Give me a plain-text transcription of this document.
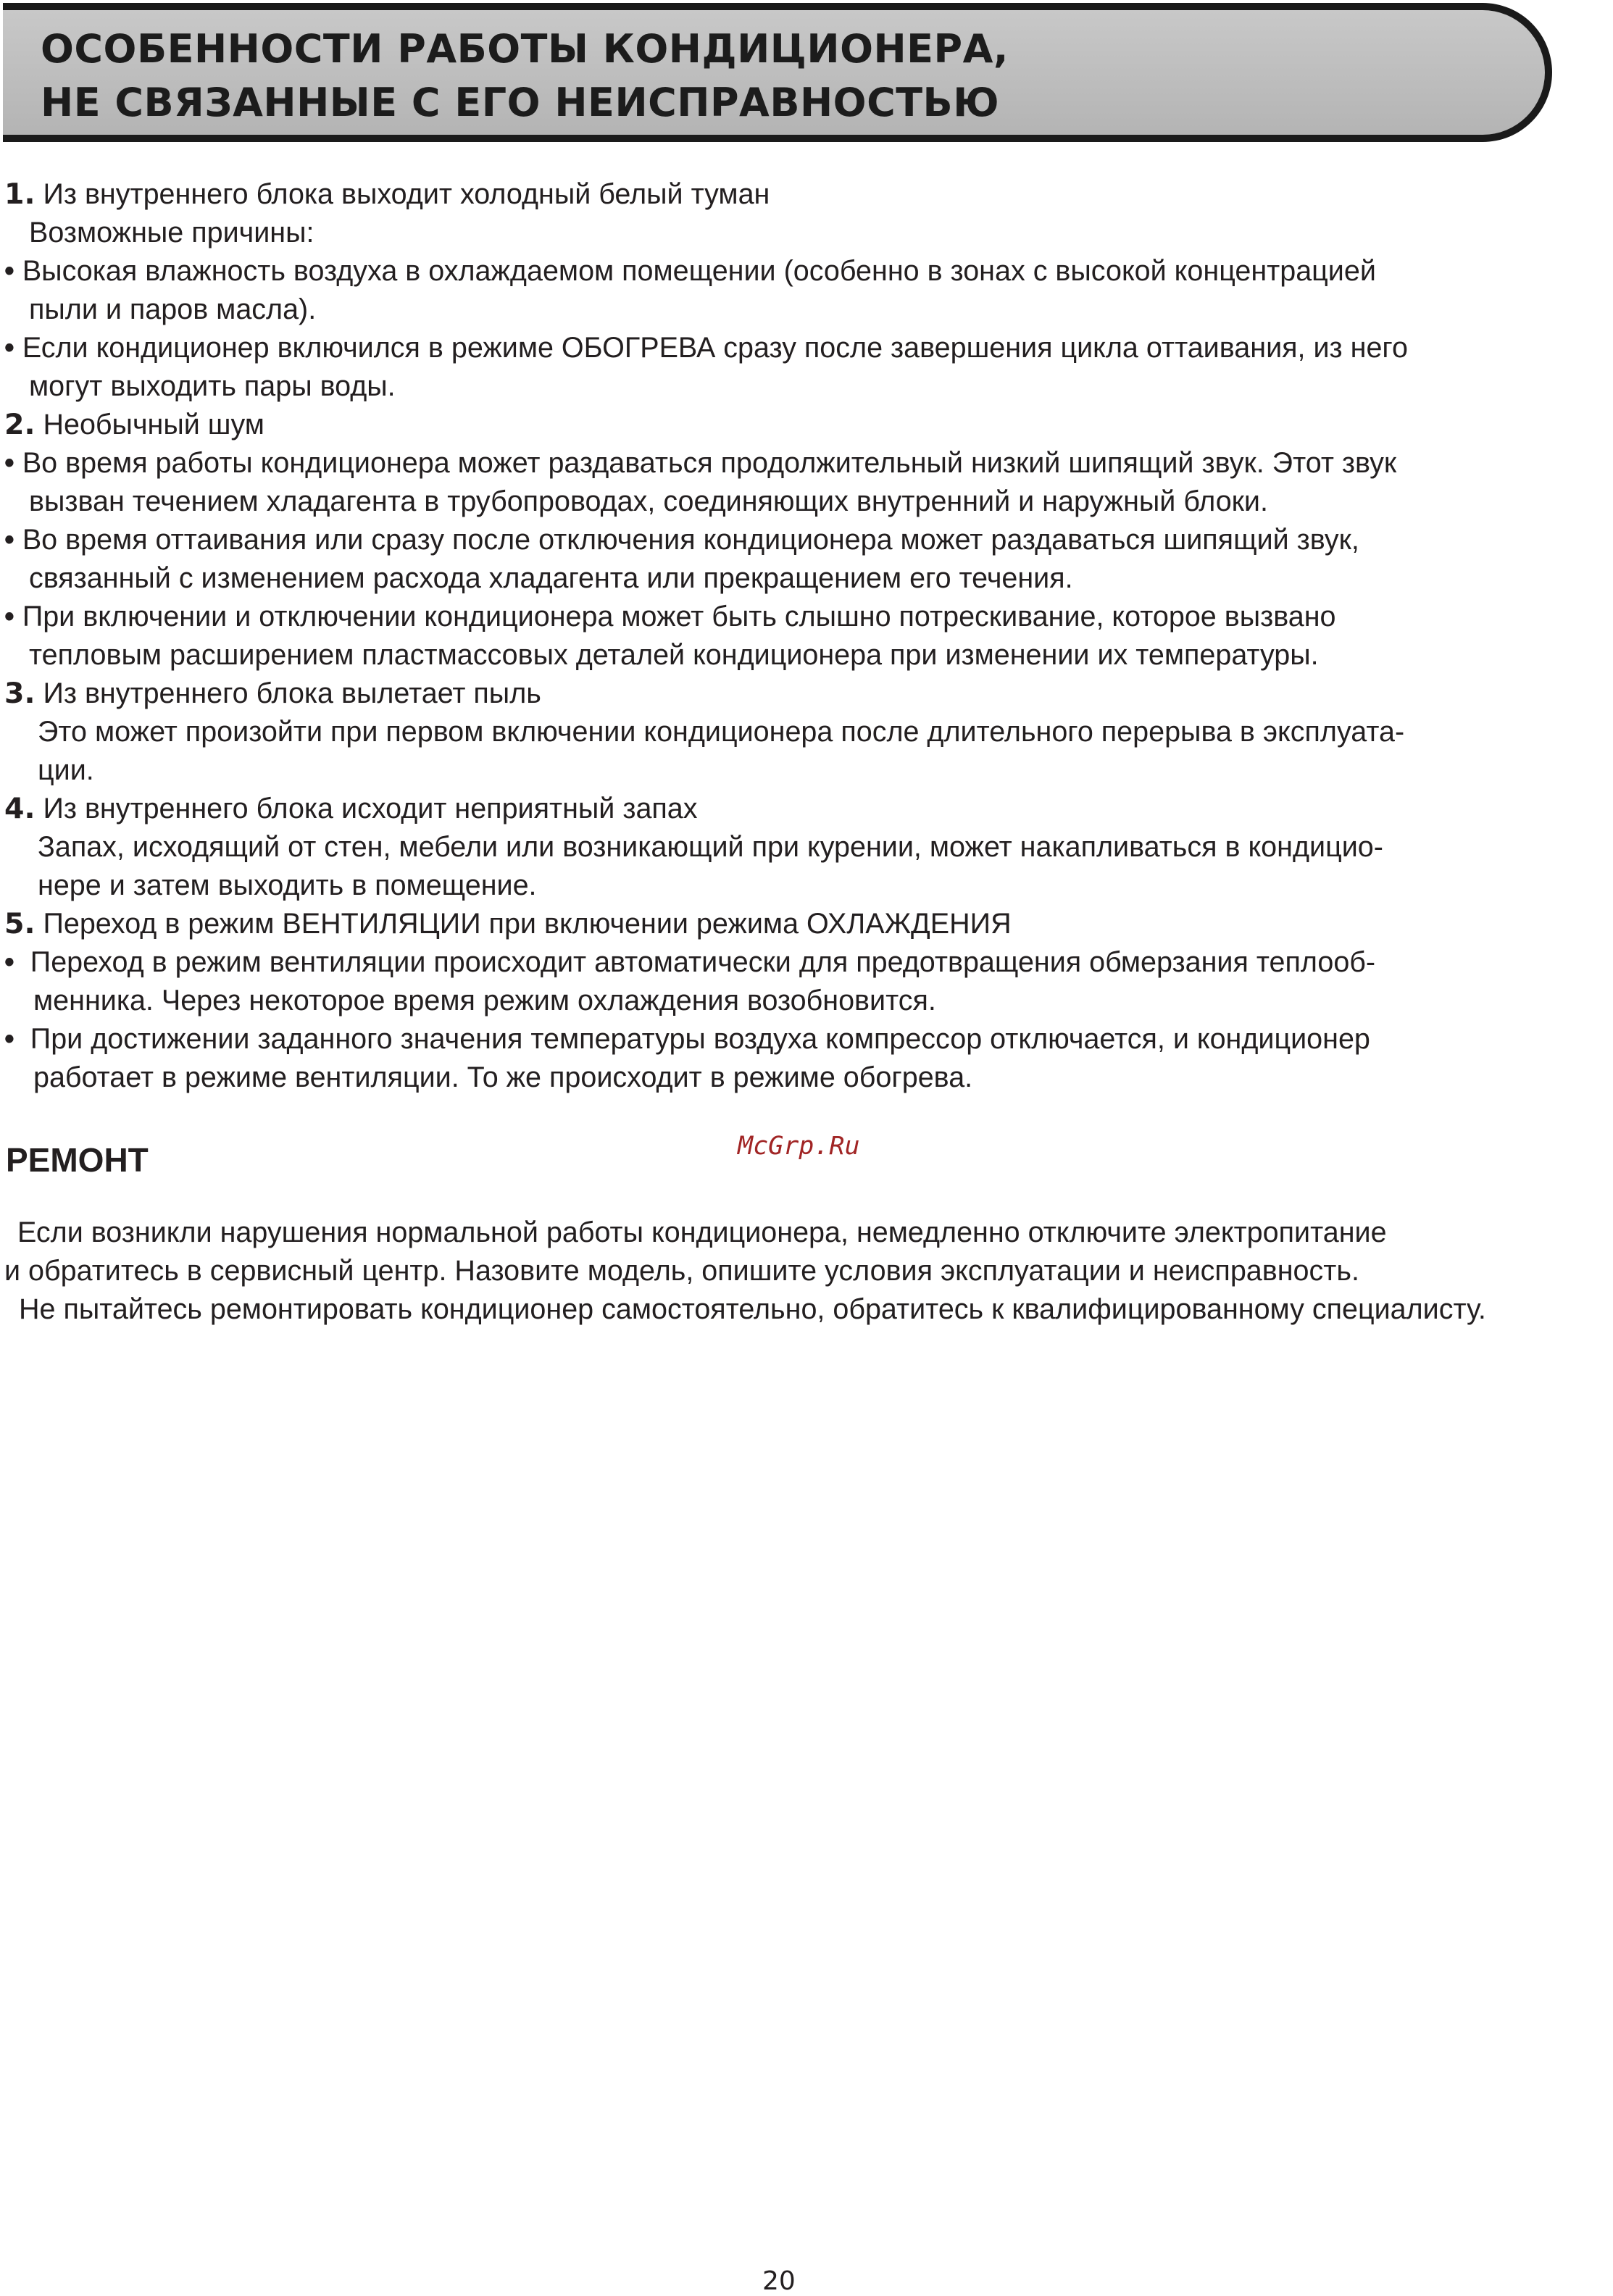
ОСОБЕННОСТИ РАБОТЫ КОНДИЦИОНЕРА,
НЕ СВЯЗАННЫЕ С ЕГО НЕИСПРАВНОСТЬЮ
1. Из внутреннего блока выходит холодный белый туман
Возможные причины:
• Высокая влажность воздуха в охлаждаемом помещении (особенно в зонах с высокой концентрацией
пыли и паров масла).
• Если кондиционер включился в режиме ОБОГРЕВА сразу после завершения цикла оттаивания, из него
могут выходить пары воды.
2. Необычный шум
• Во время работы кондиционера может раздаваться продолжительный низкий шипящий звук. Этот звук
вызван течением хладагента в трубопроводах, соединяющих внутренний и наружный блоки.
• Во время оттаивания или сразу после отключения кондиционера может раздаваться шипящий звук,
связанный с изменением расхода хладагента или прекращением его течения.
• При включении и отключении кондиционера может быть слышно потрескивание, которое вызвано
тепловым расширением пластмассовых деталей кондиционера при изменении их температуры.
3. Из внутреннего блока вылетает пыль
Это может произойти при первом включении кондиционера после длительного перерыва в эксплуата-
ции.
4. Из внутреннего блока исходит неприятный запах
Запах, исходящий от стен, мебели или возникающий при курении, может накапливаться в кондицио-
нере и затем выходить в помещение.
5. Переход в режим ВЕНТИЛЯЦИИ при включении режима ОХЛАЖДЕНИЯ
• Переход в режим вентиляции происходит автоматически для предотвращения обмерзания теплооб-
менника. Через некоторое время режим охлаждения возобновится.
• При достижении заданного значения температуры воздуха компрессор отключается, и кондиционер
работает в режиме вентиляции. То же происходит в режиме обогрева.
РЕМОНТ	McGrp.Ru
Если возникли нарушения нормальной работы кондиционера, немедленно отключите электропитание
и обратитесь в сервисный центр. Назовите модель, опишите условия эксплуатации и неисправность.
Не пытайтесь ремонтировать кондиционер самостоятельно, обратитесь к квалифицированному специалисту.
20
